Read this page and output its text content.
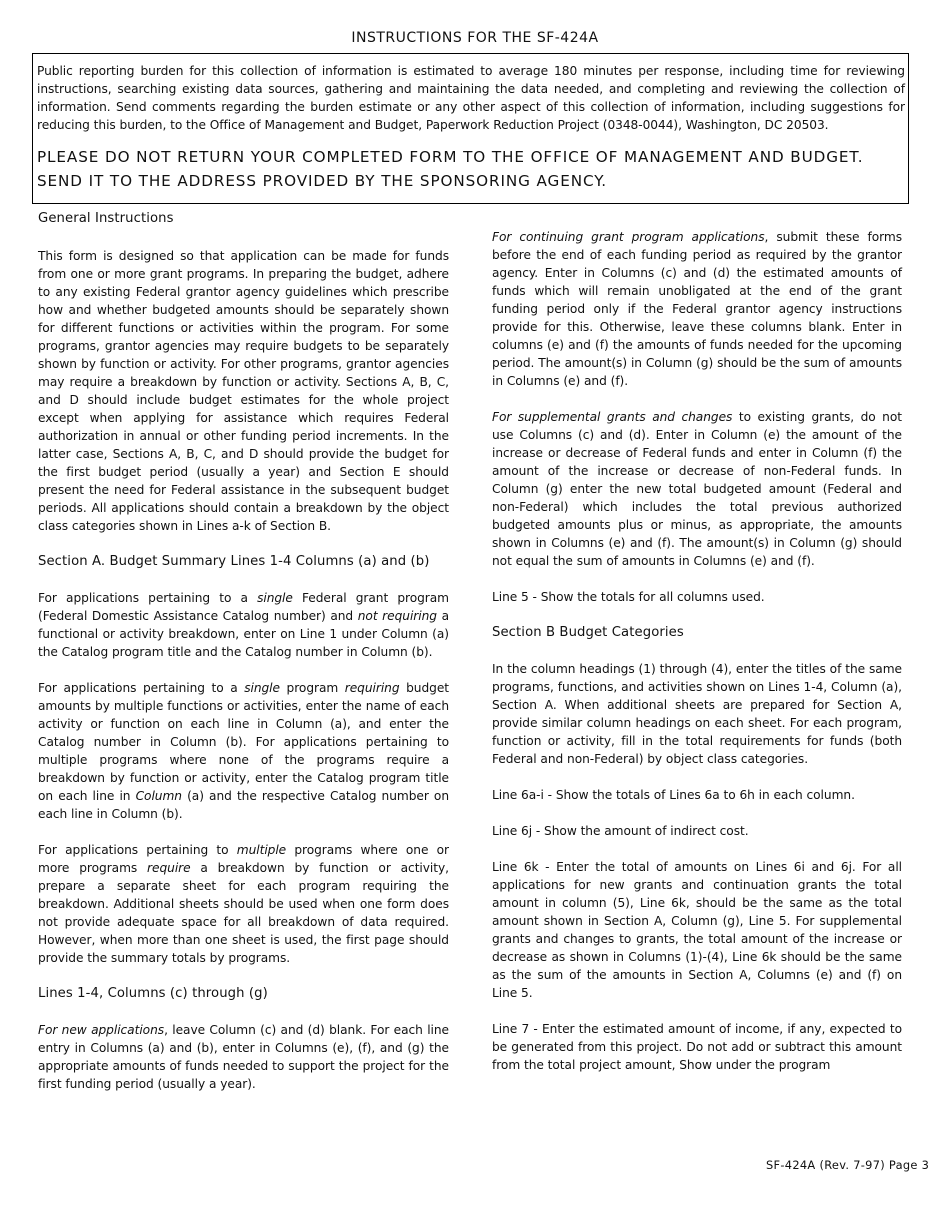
INSTRUCTIONS FOR THE SF-424A

Public reporting burden for this collection of information is estimated to average 180 minutes per response, including time for reviewing instructions, searching existing data sources, gathering and maintaining the data needed, and completing and reviewing the collection of information. Send comments regarding the burden estimate or any other aspect of this collection of information, including suggestions for reducing this burden, to the Office of Management and Budget, Paperwork Reduction Project (0348-0044), Washington, DC 20503.

PLEASE DO NOT RETURN YOUR COMPLETED FORM TO THE OFFICE OF MANAGEMENT AND BUDGET.
SEND IT TO THE ADDRESS PROVIDED BY THE SPONSORING AGENCY.
General Instructions

This form is designed so that application can be made for funds from one or more grant programs. In preparing the budget, adhere to any existing Federal grantor agency guidelines which prescribe how and whether budgeted amounts should be separately shown for different functions or activities within the program. For some programs, grantor agencies may require budgets to be separately shown by function or activity. For other programs, grantor agencies may require a breakdown by function or activity. Sections A, B, C, and D should include budget estimates for the whole project except when applying for assistance which requires Federal authorization in annual or other funding period increments. In the latter case, Sections A, B, C, and D should provide the budget for the first budget period (usually a year) and Section E should present the need for Federal assistance in the subsequent budget periods. All applications should contain a breakdown by the object class categories shown in Lines a-k of Section B.

Section A. Budget Summary Lines 1-4 Columns (a) and (b)

For applications pertaining to a single Federal grant program (Federal Domestic Assistance Catalog number) and not requiring a functional or activity breakdown, enter on Line 1 under Column (a) the Catalog program title and the Catalog number in Column (b).

For applications pertaining to a single program requiring budget amounts by multiple functions or activities, enter the name of each activity or function on each line in Column (a), and enter the Catalog number in Column (b). For applications pertaining to multiple programs where none of the programs require a breakdown by function or activity, enter the Catalog program title on each line in Column (a) and the respective Catalog number on each line in Column (b).

For applications pertaining to multiple programs where one or more programs require a breakdown by function or activity, prepare a separate sheet for each program requiring the breakdown. Additional sheets should be used when one form does not provide adequate space for all breakdown of data required. However, when more than one sheet is used, the first page should provide the summary totals by programs.

Lines 1-4, Columns (c) through (g)

For new applications, leave Column (c) and (d) blank. For each line entry in Columns (a) and (b), enter in Columns (e), (f), and (g) the appropriate amounts of funds needed to support the project for the first funding period (usually a year).

For continuing grant program applications, submit these forms before the end of each funding period as required by the grantor agency. Enter in Columns (c) and (d) the estimated amounts of funds which will remain unobligated at the end of the grant funding period only if the Federal grantor agency instructions provide for this. Otherwise, leave these columns blank. Enter in columns (e) and (f) the amounts of funds needed for the upcoming period. The amount(s) in Column (g) should be the sum of amounts in Columns (e) and (f).

For supplemental grants and changes to existing grants, do not use Columns (c) and (d). Enter in Column (e) the amount of the increase or decrease of Federal funds and enter in Column (f) the amount of the increase or decrease of non-Federal funds. In Column (g) enter the new total budgeted amount (Federal and non-Federal) which includes the total previous authorized budgeted amounts plus or minus, as appropriate, the amounts shown in Columns (e) and (f). The amount(s) in Column (g) should not equal the sum of amounts in Columns (e) and (f).

Line 5 - Show the totals for all columns used.

Section B Budget Categories

In the column headings (1) through (4), enter the titles of the same programs, functions, and activities shown on Lines 1-4, Column (a), Section A. When additional sheets are prepared for Section A, provide similar column headings on each sheet. For each program, function or activity, fill in the total requirements for funds (both Federal and non-Federal) by object class categories.

Line 6a-i - Show the totals of Lines 6a to 6h in each column.

Line 6j - Show the amount of indirect cost.

Line 6k - Enter the total of amounts on Lines 6i and 6j. For all applications for new grants and continuation grants the total amount in column (5), Line 6k, should be the same as the total amount shown in Section A, Column (g), Line 5. For supplemental grants and changes to grants, the total amount of the increase or decrease as shown in Columns (1)-(4), Line 6k should be the same as the sum of the amounts in Section A, Columns (e) and (f) on Line 5.

Line 7 - Enter the estimated amount of income, if any, expected to be generated from this project. Do not add or subtract this amount from the total project amount, Show under the program

SF-424A (Rev. 7-97) Page 3
